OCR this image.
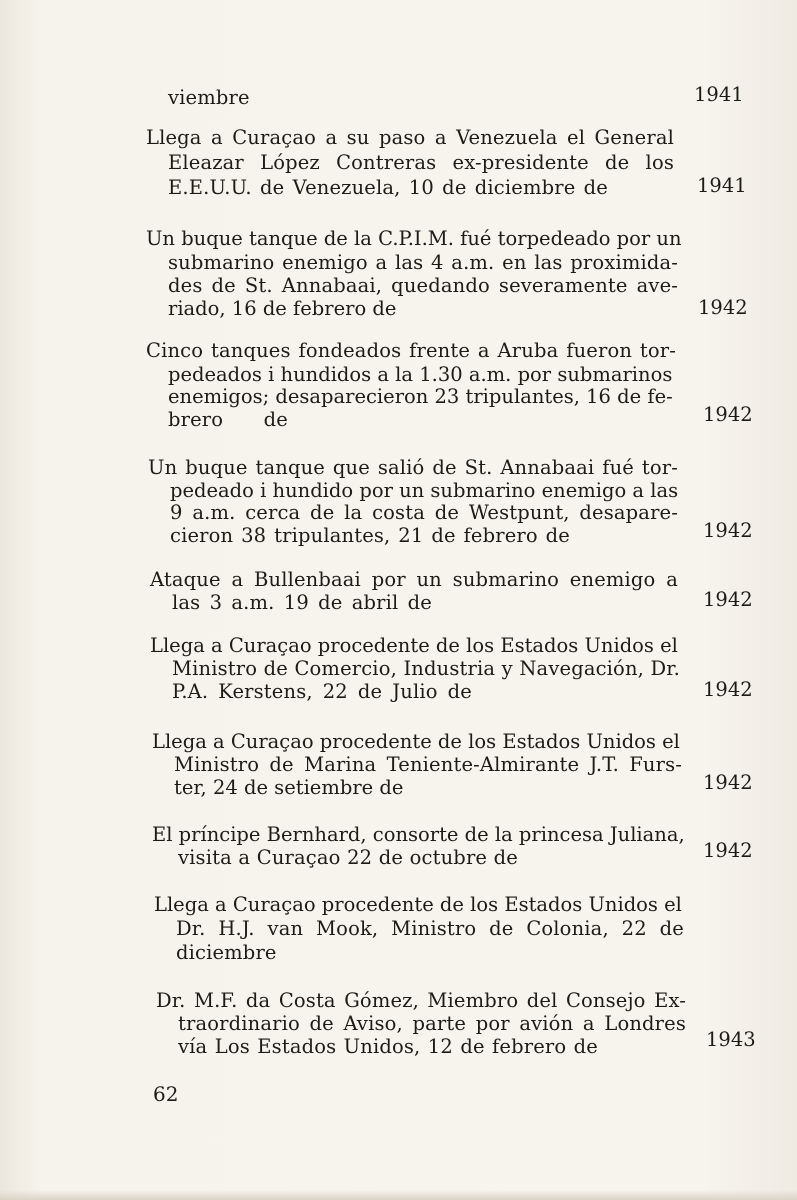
viembre	1941
Llega a Curaçao a su paso a Venezuela el General
Eleazar López Contreras ex-presidente de los
E.E.U.U. de Venezuela, 10 de diciembre de	1941
Un buque tanque de la C.P.I.M. fué torpedeado por un
submarino enemigo a las 4 a.m. en las proximida-
des de St. Annabaai, quedando severamente ave-
riado, 16 de febrero de	1942
Cinco tanques fondeados frente a Aruba fueron tor-
pedeados i hundidos a la 1.30 a.m. por submarinos
enemigos; desaparecieron 23 tripulantes, 16 de fe-
brero de	1942
Un buque tanque que salió de St. Annabaai fué tor-
pedeado i hundido por un submarino enemigo a las
9 a.m. cerca de la costa de Westpunt, desapare-
cieron 38 tripulantes, 21 de febrero de	1942
Ataque a Bullenbaai por un submarino enemigo a
las 3 a.m. 19 de abril de	1942
Llega a Curaçao procedente de los Estados Unidos el
Ministro de Comercio, Industria y Navegación, Dr.
P.A. Kerstens, 22 de Julio de	1942
Llega a Curaçao procedente de los Estados Unidos el
Ministro de Marina Teniente-Almirante J.T. Furs-
ter, 24 de setiembre de	1942
El príncipe Bernhard, consorte de la princesa Juliana,
visita a Curaçao 22 de octubre de	1942
Llega a Curaçao procedente de los Estados Unidos el
Dr. H.J. van Mook, Ministro de Colonia, 22 de
diciembre
Dr. M.F. da Costa Gómez, Miembro del Consejo Ex-
traordinario de Aviso, parte por avión a Londres
vía Los Estados Unidos, 12 de febrero de	1943
62
